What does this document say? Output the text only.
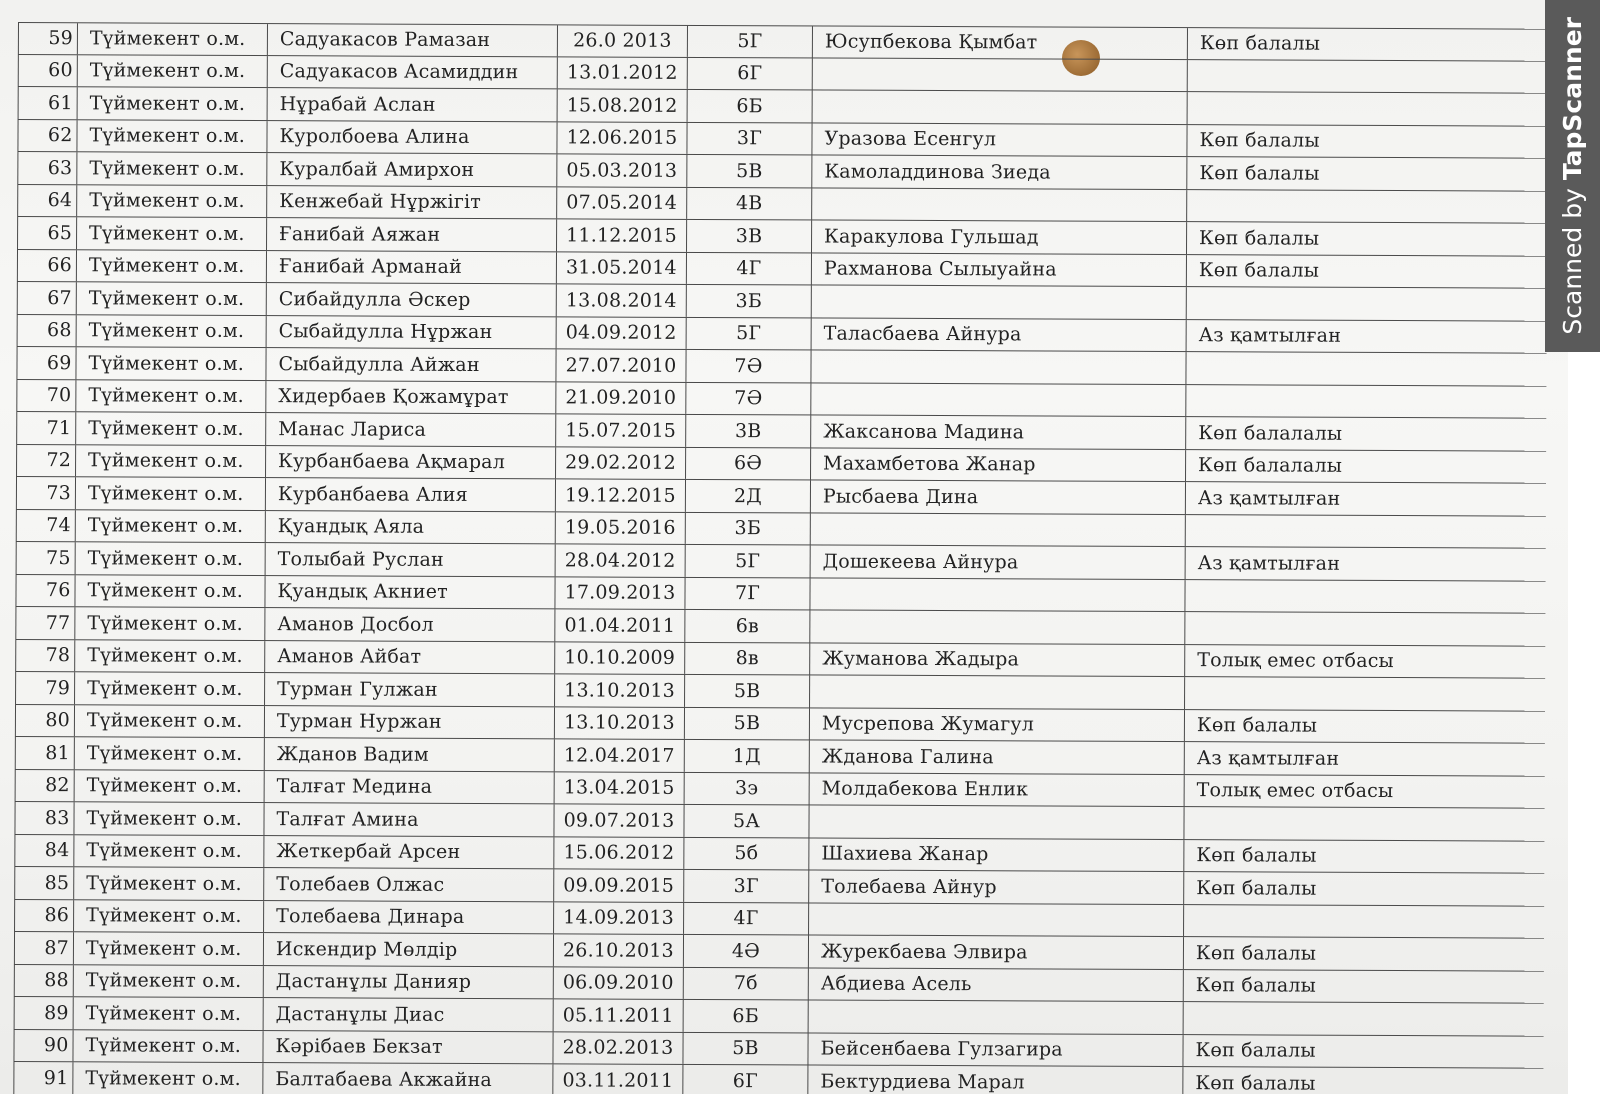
59 Түймекент о.м.	Садуакасов Рамазан	26.0 2013	5Г	Юсупбекова Қымбат	Көп балалы
60 Түймекент о.м.	Садуакасов Асамиддин	13.01.2012	6Г
61 Түймекент о.м.	Нұрабай Аслан	15.08.2012	6Б
62 Түймекент о.м.	Куролбоева Алина	12.06.2015	3Г	Уразова Есенгул	Көп балалы
63 Түймекент о.м.	Куралбай Амирхон	05.03.2013	5В	Камоладдинова Зиеда	Көп балалы
64 Түймекент о.м.	Кенжебай Нұржігіт	07.05.2014	4В
65 Түймекент о.м.	Ғанибай Аяжан	11.12.2015	3В	Каракулова Гульшад	Көп балалы
66 Түймекент о.м.	Ғанибай Арманай	31.05.2014	4Г	Рахманова Сылыуайна	Көп балалы
67 Түймекент о.м.	Сибайдулла Әскер	13.08.2014	3Б
68 Түймекент о.м.	Сыбайдулла Нұржан	04.09.2012	5Г	Таласбаева Айнура	Аз қамтылған
69 Түймекент о.м.	Сыбайдулла Айжан	27.07.2010	7Ә
70 Түймекент о.м.	Хидербаев Қожамұрат	21.09.2010	7Ә
71 Түймекент о.м.	Манас Лариса	15.07.2015	3В	Жаксанова Мадина	Көп балалалы
72 Түймекент о.м.	Курбанбаева Ақмарал	29.02.2012	6Ә	Махамбетова Жанар	Көп балалалы
73 Түймекент о.м.	Курбанбаева Алия	19.12.2015	2Д	Рысбаева Дина	Аз қамтылған
74 Түймекент о.м.	Қуандық Аяла	19.05.2016	3Б
75 Түймекент о.м.	Толыбай Руслан	28.04.2012	5Г	Дошекеева Айнура	Аз қамтылған
76 Түймекент о.м.	Қуандық Акниет	17.09.2013	7Г
77 Түймекент о.м.	Аманов Досбол	01.04.2011	6в
78 Түймекент о.м.	Аманов Айбат	10.10.2009	8в	Жуманова Жадыра	Толық емес отбасы
79 Түймекент о.м.	Турман Гулжан	13.10.2013	5В
80 Түймекент о.м.	Турман Нуржан	13.10.2013	5В	Мусрепова Жумагул	Көп балалы
81 Түймекент о.м.	Жданов Вадим	12.04.2017	1Д	Жданова Галина	Аз қамтылған
82 Түймекент о.м.	Талғат Медина	13.04.2015	3э	Молдабекова Енлик	Толық емес отбасы
83 Түймекент о.м.	Талғат Амина	09.07.2013	5А
84 Түймекент о.м.	Жеткербай Арсен	15.06.2012	5б	Шахиева Жанар	Көп балалы
85 Түймекент о.м.	Толебаев Олжас	09.09.2015	3Г	Толебаева Айнур	Көп балалы
86 Түймекент о.м.	Толебаева Динара	14.09.2013	4Г
87 Түймекент о.м.	Искендир Мөлдір	26.10.2013	4Ә	Журекбаева Элвира	Көп балалы
88 Түймекент о.м.	Дастанұлы Данияр	06.09.2010	7б	Абдиева Асель	Көп балалы
89 Түймекент о.м.	Дастанұлы Диас	05.11.2011	6Б
90 Түймекент о.м.	Кәрібаев Бекзат	28.02.2013	5В	Бейсенбаева Гулзагира	Көп балалы
91 Түймекент о.м.	Балтабаева Акжайна	03.11.2011	6Г	Бектурдиева Марал	Көп балалы
Scanned by TapScanner
